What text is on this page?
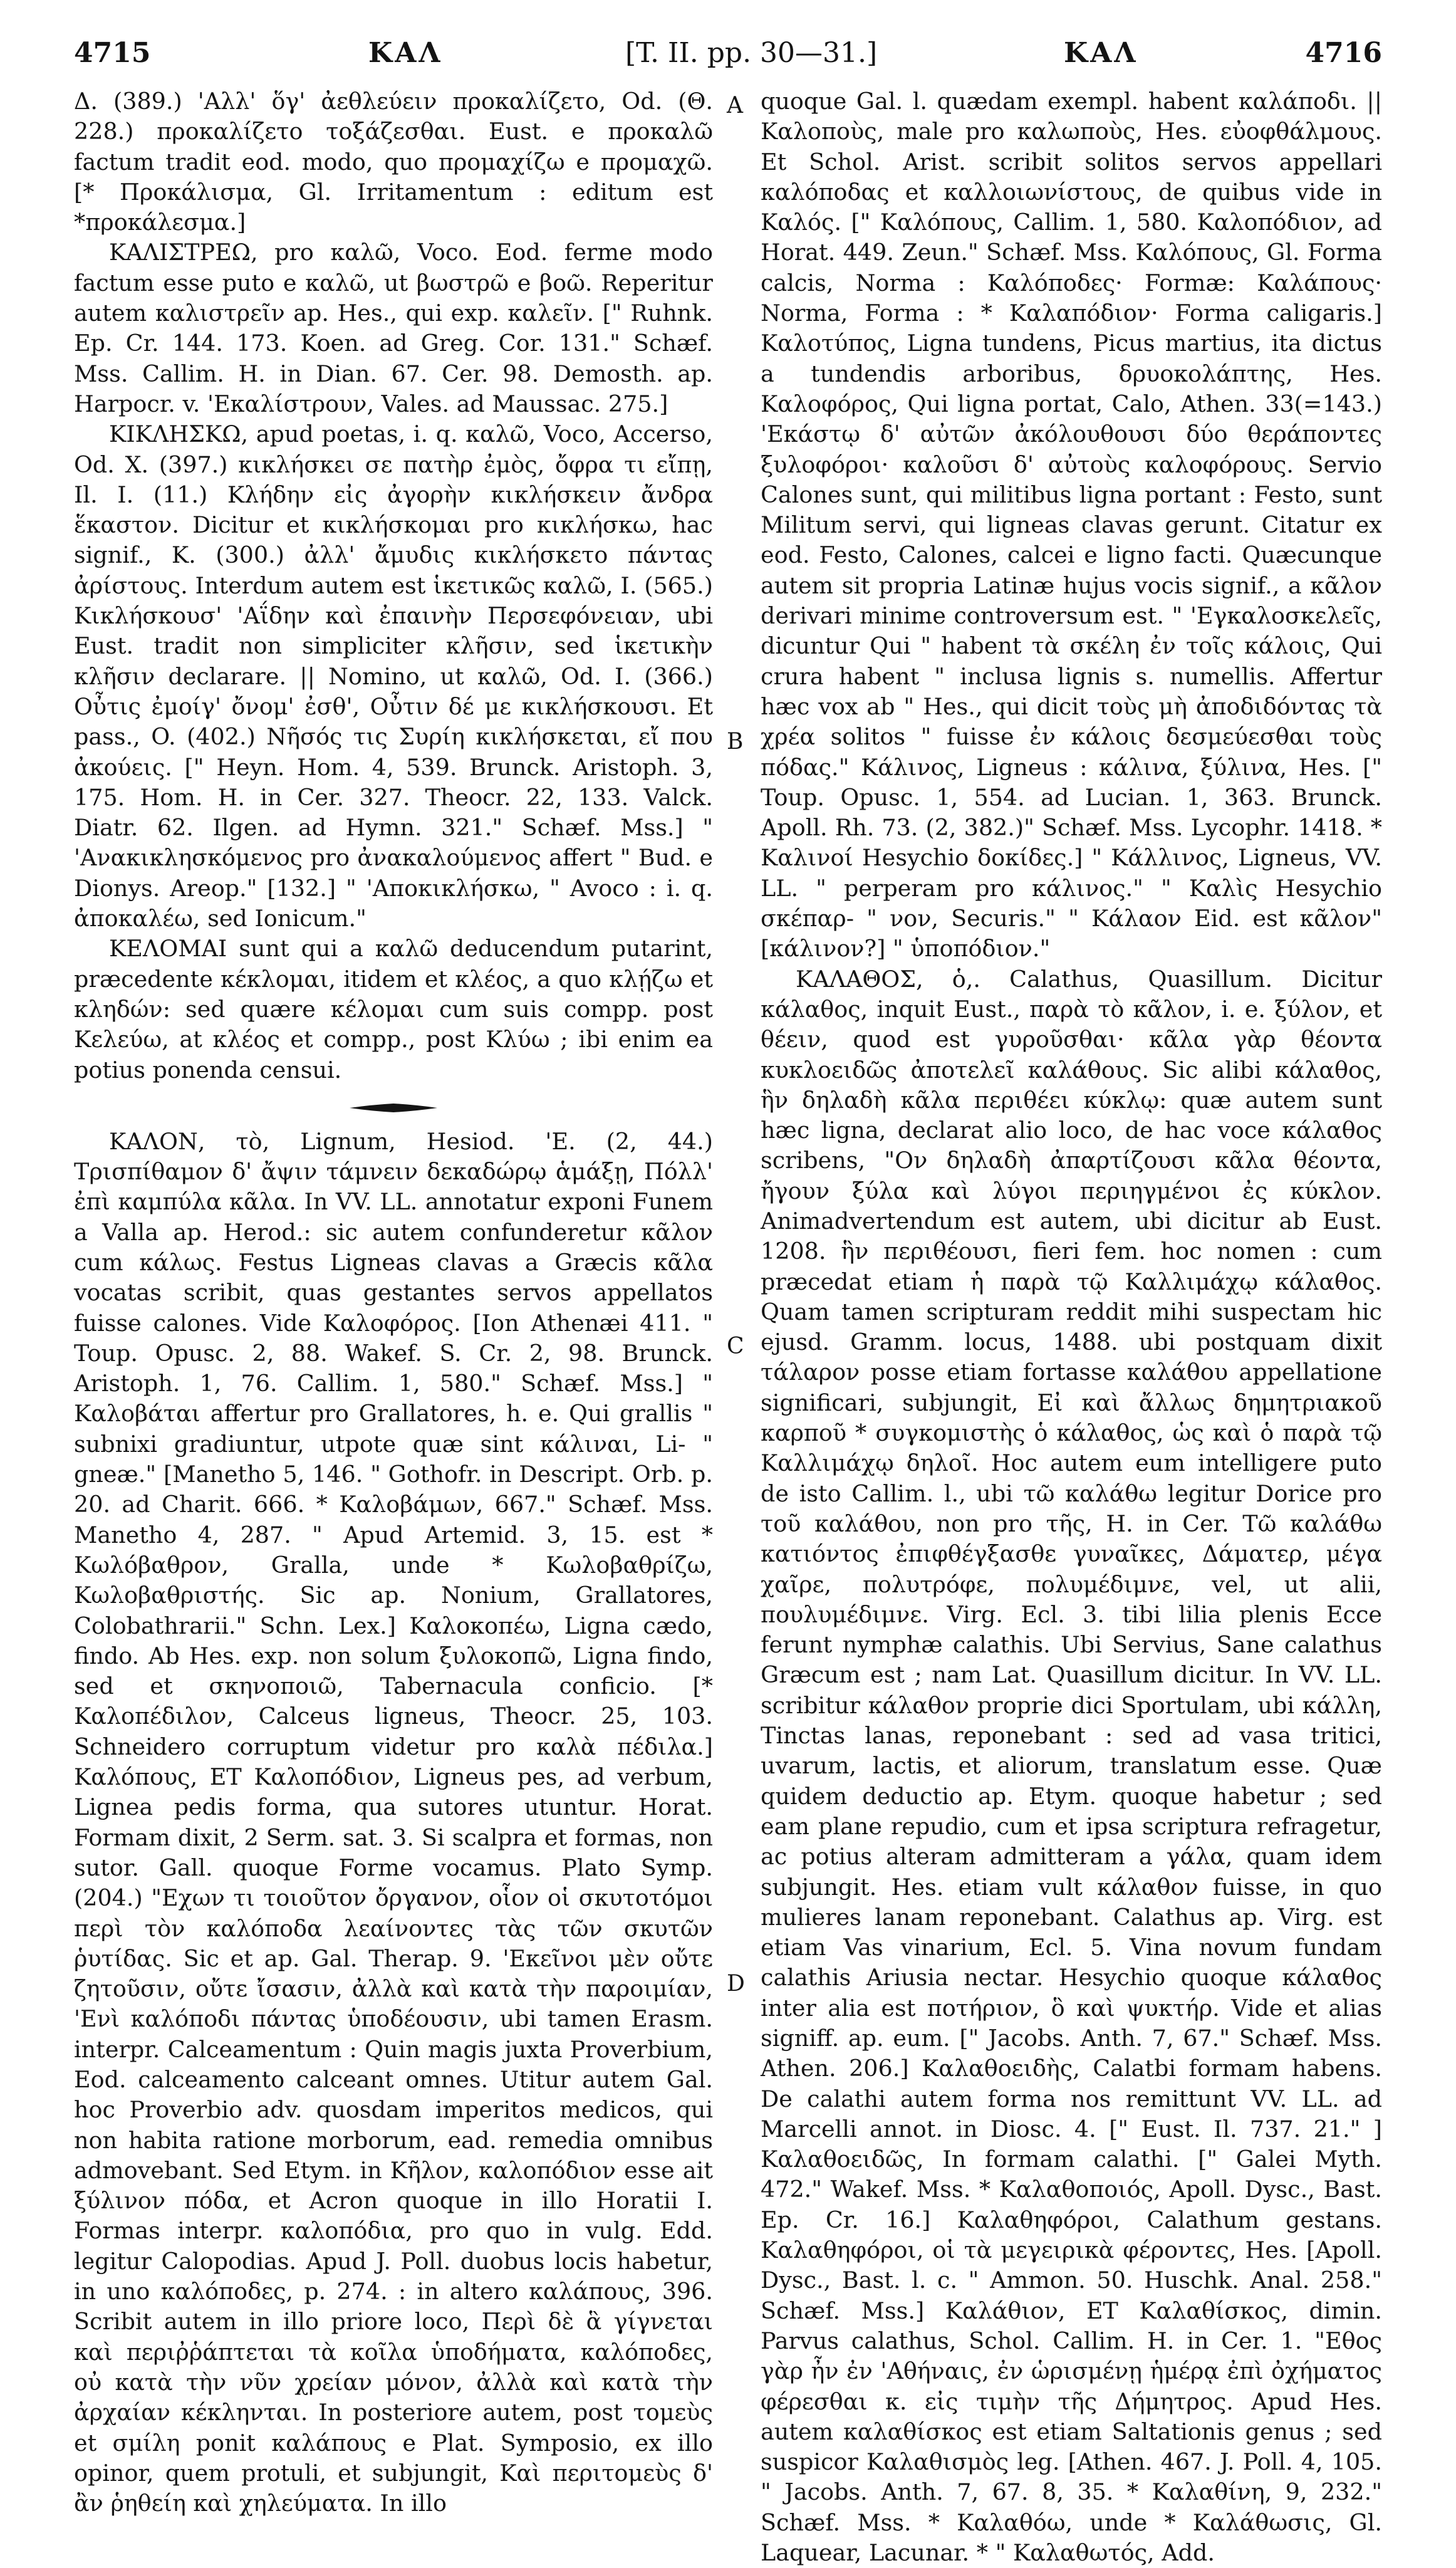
4715	ΚΑΛ	[T. II. pp. 30—31.]	ΚΑΛ	4716
A
B
C
D

Δ. (389.) 'Αλλ' ὅγ' ἀεθλεύειν προκαλίζετο, Od. (Θ. 228.) προκαλίζετο τοξάζεσθαι. Eust. e προκαλῶ factum tradit eod. modo, quo προμαχίζω e προμαχῶ. [* Προκάλισμα, Gl. Irritamentum : editum est *προκάλεσμα.]

ΚΑΛΙΣΤΡΕΩ, pro καλῶ, Voco. Eod. ferme modo factum esse puto e καλῶ, ut βωστρῶ e βοῶ. Reperitur autem καλιστρεῖν ap. Hes., qui exp. καλεῖν. [" Ruhnk. Ep. Cr. 144. 173. Koen. ad Greg. Cor. 131." Schæf. Mss. Callim. H. in Dian. 67. Cer. 98. Demosth. ap. Harpocr. v. 'Εκαλίστρουν, Vales. ad Maussac. 275.]

ΚΙΚΛΗΣΚΩ, apud poetas, i. q. καλῶ, Voco, Accerso, Od. X. (397.) κικλήσκει σε πατὴρ ἐμὸς, ὄφρα τι εἴπῃ, Il. I. (11.) Κλήδην εἰς ἀγορὴν κικλήσκειν ἄνδρα ἕκαστον. Dicitur et κικλήσκομαι pro κικλήσκω, hac signif., K. (300.) ἀλλ' ἄμυδις κικλήσκετο πάντας ἀρίστους. Interdum autem est ἱκετικῶς καλῶ, I. (565.) Κικλήσκουσ' 'Αΐδην καὶ ἐπαινὴν Περσεφόνειαν, ubi Eust. tradit non simpliciter κλῆσιν, sed ἱκετικὴν κλῆσιν declarare. || Nomino, ut καλῶ, Od. I. (366.) Οὖτις ἐμοίγ' ὄνομ' ἐσθ', Οὖτιν δέ με κικλήσκουσι. Et pass., O. (402.) Νῆσός τις Συρίη κικλήσκεται, εἴ που ἀκούεις. [" Heyn. Hom. 4, 539. Brunck. Aristoph. 3, 175. Hom. H. in Cer. 327. Theocr. 22, 133. Valck. Diatr. 62. Ilgen. ad Hymn. 321." Schæf. Mss.] " 'Ανακικλησκόμενος pro ἀνακαλούμενος affert " Bud. e Dionys. Areop." [132.] " 'Αποκικλήσκω, " Avoco : i. q. ἀποκαλέω, sed Ionicum."

ΚΕΛΟΜΑΙ sunt qui a καλῶ deducendum putarint, præcedente κέκλομαι, itidem et κλέος, a quo κλῄζω et κληδών: sed quære κέλομαι cum suis compp. post Κελεύω, at κλέος et compp., post Κλύω ; ibi enim ea potius ponenda censui.

ΚΑΛΟΝ, τὸ, Lignum, Hesiod. 'E. (2, 44.) Τρισπίθαμον δ' ἄψιν τάμνειν δεκαδώρῳ ἁμάξῃ, Πόλλ' ἐπὶ καμπύλα κᾶλα. In VV. LL. annotatur exponi Funem a Valla ap. Herod.: sic autem confunderetur κᾶλον cum κάλως. Festus Ligneas clavas a Græcis κᾶλα vocatas scribit, quas gestantes servos appellatos fuisse calones. Vide Καλοφόρος. [Ion Athenæi 411. " Toup. Opusc. 2, 88. Wakef. S. Cr. 2, 98. Brunck. Aristoph. 1, 76. Callim. 1, 580." Schæf. Mss.] " Καλοβάται affertur pro Grallatores, h. e. Qui grallis " subnixi gradiuntur, utpote quæ sint κάλιναι, Li- " gneæ." [Manetho 5, 146. " Gothofr. in Descript. Orb. p. 20. ad Charit. 666. * Καλοβάμων, 667." Schæf. Mss. Manetho 4, 287. " Apud Artemid. 3, 15. est * Κωλόβαθρον, Gralla, unde * Κωλοβαθρίζω, Κωλοβαθριστής. Sic ap. Nonium, Grallatores, Colobathrarii." Schn. Lex.] Καλοκοπέω, Ligna cædo, findo. Ab Hes. exp. non solum ξυλοκοπῶ, Ligna findo, sed et σκηνοποιῶ, Tabernacula conficio. [* Καλοπέδιλον, Calceus ligneus, Theocr. 25, 103. Schneidero corruptum videtur pro καλὰ πέδιλα.] Καλόπους, ET Καλοπόδιον, Ligneus pes, ad verbum, Lignea pedis forma, qua sutores utuntur. Horat. Formam dixit, 2 Serm. sat. 3. Si scalpra et formas, non sutor. Gall. quoque Forme vocamus. Plato Symp. (204.) "Εχων τι τοιοῦτον ὄργανον, οἷον οἱ σκυτοτόμοι περὶ τὸν καλόποδα λεαίνοντες τὰς τῶν σκυτῶν ῥυτίδας. Sic et ap. Gal. Therap. 9. 'Εκεῖνοι μὲν οὔτε ζητοῦσιν, οὔτε ἴσασιν, ἀλλὰ καὶ κατὰ τὴν παροιμίαν, 'Ενὶ καλόποδι πάντας ὑποδέουσιν, ubi tamen Erasm. interpr. Calceamentum : Quin magis juxta Proverbium, Eod. calceamento calceant omnes. Utitur autem Gal. hoc Proverbio adv. quosdam imperitos medicos, qui non habita ratione morborum, ead. remedia omnibus admovebant. Sed Etym. in Κῆλον, καλοπόδιον esse ait ξύλινον πόδα, et Acron quoque in illo Horatii I. Formas interpr. καλοπόδια, pro quo in vulg. Edd. legitur Calopodias. Apud J. Poll. duobus locis habetur, in uno καλόποδες, p. 274. : in altero καλάπους, 396. Scribit autem in illo priore loco, Περὶ δὲ ἃ γίγνεται καὶ περιῤῥάπτεται τὰ κοῖλα ὑποδήματα, καλόποδες, οὐ κατὰ τὴν νῦν χρείαν μόνον, ἀλλὰ καὶ κατὰ τὴν ἀρχαίαν κέκληνται. In posteriore autem, post τομεὺς et σμίλη ponit καλάπους e Plat. Symposio, ex illo opinor, quem protuli, et subjungit, Καὶ περιτομεὺς δ' ἂν ῥηθείη καὶ χηλεύματα. In illo

quoque Gal. l. quædam exempl. habent καλάποδι. || Καλοποὺς, male pro καλωποὺς, Hes. εὐοφθάλμους. Et Schol. Arist. scribit solitos servos appellari καλόποδας et καλλοιωνίστους, de quibus vide in Καλός. [" Καλόπους, Callim. 1, 580. Καλοπόδιον, ad Horat. 449. Zeun." Schæf. Mss. Καλόπους, Gl. Forma calcis, Norma : Καλόποδες· Formæ: Καλάπους· Norma, Forma : * Καλαπόδιον· Forma caligaris.] Καλοτύπος, Ligna tundens, Picus martius, ita dictus a tundendis arboribus, δρυοκολάπτης, Hes. Καλοφόρος, Qui ligna portat, Calo, Athen. 33(=143.) 'Εκάστῳ δ' αὐτῶν ἀκόλουθουσι δύο θεράποντες ξυλοφόροι· καλοῦσι δ' αὐτοὺς καλοφόρους. Servio Calones sunt, qui militibus ligna portant : Festo, sunt Militum servi, qui ligneas clavas gerunt. Citatur ex eod. Festo, Calones, calcei e ligno facti. Quæcunque autem sit propria Latinæ hujus vocis signif., a κᾶλον derivari minime controversum est. " 'Εγκαλοσκελεῖς, dicuntur Qui " habent τὰ σκέλη ἐν τοῖς κάλοις, Qui crura habent " inclusa lignis s. numellis. Affertur hæc vox ab " Hes., qui dicit τοὺς μὴ ἀποδιδόντας τὰ χρέα solitos " fuisse ἐν κάλοις δεσμεύεσθαι τοὺς πόδας." Κάλινος, Ligneus : κάλινα, ξύλινα, Hes. [" Toup. Opusc. 1, 554. ad Lucian. 1, 363. Brunck. Apoll. Rh. 73. (2, 382.)" Schæf. Mss. Lycophr. 1418. * Καλινοί Hesychio δοκίδες.] " Κάλλινος, Ligneus, VV. LL. " perperam pro κάλινος." " Καλὶς Hesychio σκέπαρ- " νον, Securis." " Κάλαον Eid. est κᾶλον" [κάλινον?] " ὑποπόδιον."

ΚΑΛΑΘΟΣ, ὁ,. Calathus, Quasillum. Dicitur κάλαθος, inquit Eust., παρὰ τὸ κᾶλον, i. e. ξύλον, et θέειν, quod est γυροῦσθαι· κᾶλα γὰρ θέοντα κυκλοειδῶς ἀποτελεῖ καλάθους. Sic alibi κάλαθος, ἣν δηλαδὴ κᾶλα περιθέει κύκλῳ: quæ autem sunt hæc ligna, declarat alio loco, de hac voce κάλαθος scribens, "Ον δηλαδὴ ἀπαρτίζουσι κᾶλα θέοντα, ἤγουν ξύλα καὶ λύγοι περιηγμένοι ἐς κύκλον. Animadvertendum est autem, ubi dicitur ab Eust. 1208. ἣν περιθέουσι, fieri fem. hoc nomen : cum præcedat etiam ἡ παρὰ τῷ Καλλιμάχῳ κάλαθος. Quam tamen scripturam reddit mihi suspectam hic ejusd. Gramm. locus, 1488. ubi postquam dixit τάλαρον posse etiam fortasse καλάθου appellatione significari, subjungit, Εἰ καὶ ἄλλως δημητριακοῦ καρποῦ * συγκομιστὴς ὁ κάλαθος, ὡς καὶ ὁ παρὰ τῷ Καλλιμάχῳ δηλοῖ. Hoc autem eum intelligere puto de isto Callim. l., ubi τῶ καλάθω legitur Dorice pro τοῦ καλάθου, non pro τῆς, H. in Cer. Τῶ καλάθω κατιόντος ἐπιφθέγξασθε γυναῖκες, Δάματερ, μέγα χαῖρε, πολυτρόφε, πολυμέδιμνε, vel, ut alii, πουλυμέδιμνε. Virg. Ecl. 3. tibi lilia plenis Ecce ferunt nymphæ calathis. Ubi Servius, Sane calathus Græcum est ; nam Lat. Quasillum dicitur. In VV. LL. scribitur κάλαθον proprie dici Sportulam, ubi κάλλη, Tinctas lanas, reponebant : sed ad vasa tritici, uvarum, lactis, et aliorum, translatum esse. Quæ quidem deductio ap. Etym. quoque habetur ; sed eam plane repudio, cum et ipsa scriptura refragetur, ac potius alteram admitteram a γάλα, quam idem subjungit. Hes. etiam vult κάλαθον fuisse, in quo mulieres lanam reponebant. Calathus ap. Virg. est etiam Vas vinarium, Ecl. 5. Vina novum fundam calathis Ariusia nectar. Hesychio quoque κάλαθος inter alia est ποτήριον, ὃ καὶ ψυκτήρ. Vide et alias signiff. ap. eum. [" Jacobs. Anth. 7, 67." Schæf. Mss. Athen. 206.] Καλαθοειδὴς, Calatbi formam habens. De calathi autem forma nos remittunt VV. LL. ad Marcelli annot. in Diosc. 4. [" Eust. Il. 737. 21." ] Καλαθοειδῶς, In formam calathi. [" Galei Myth. 472." Wakef. Mss. * Καλαθοποιός, Apoll. Dysc., Bast. Ep. Cr. 16.] Καλαθηφόροι, Calathum gestans. Καλαθηφόροι, οἱ τὰ μεγειρικὰ φέροντες, Hes. [Apoll. Dysc., Bast. l. c. " Ammon. 50. Huschk. Anal. 258." Schæf. Mss.] Καλάθιον, ET Καλαθίσκος, dimin. Parvus calathus, Schol. Callim. H. in Cer. 1. "Εθος γὰρ ἦν ἐν 'Αθήναις, ἐν ὡρισμένῃ ἡμέρᾳ ἐπὶ ὀχήματος φέρεσθαι κ. εἰς τιμὴν τῆς Δήμητρος. Apud Hes. autem καλαθίσκος est etiam Saltationis genus ; sed suspicor Καλαθισμὸς leg. [Athen. 467. J. Poll. 4, 105. " Jacobs. Anth. 7, 67. 8, 35. * Καλαθίνη, 9, 232." Schæf. Mss. * Καλαθόω, unde * Καλάθωσις, Gl. Laquear, Lacunar. * " Καλαθωτός, Add.
